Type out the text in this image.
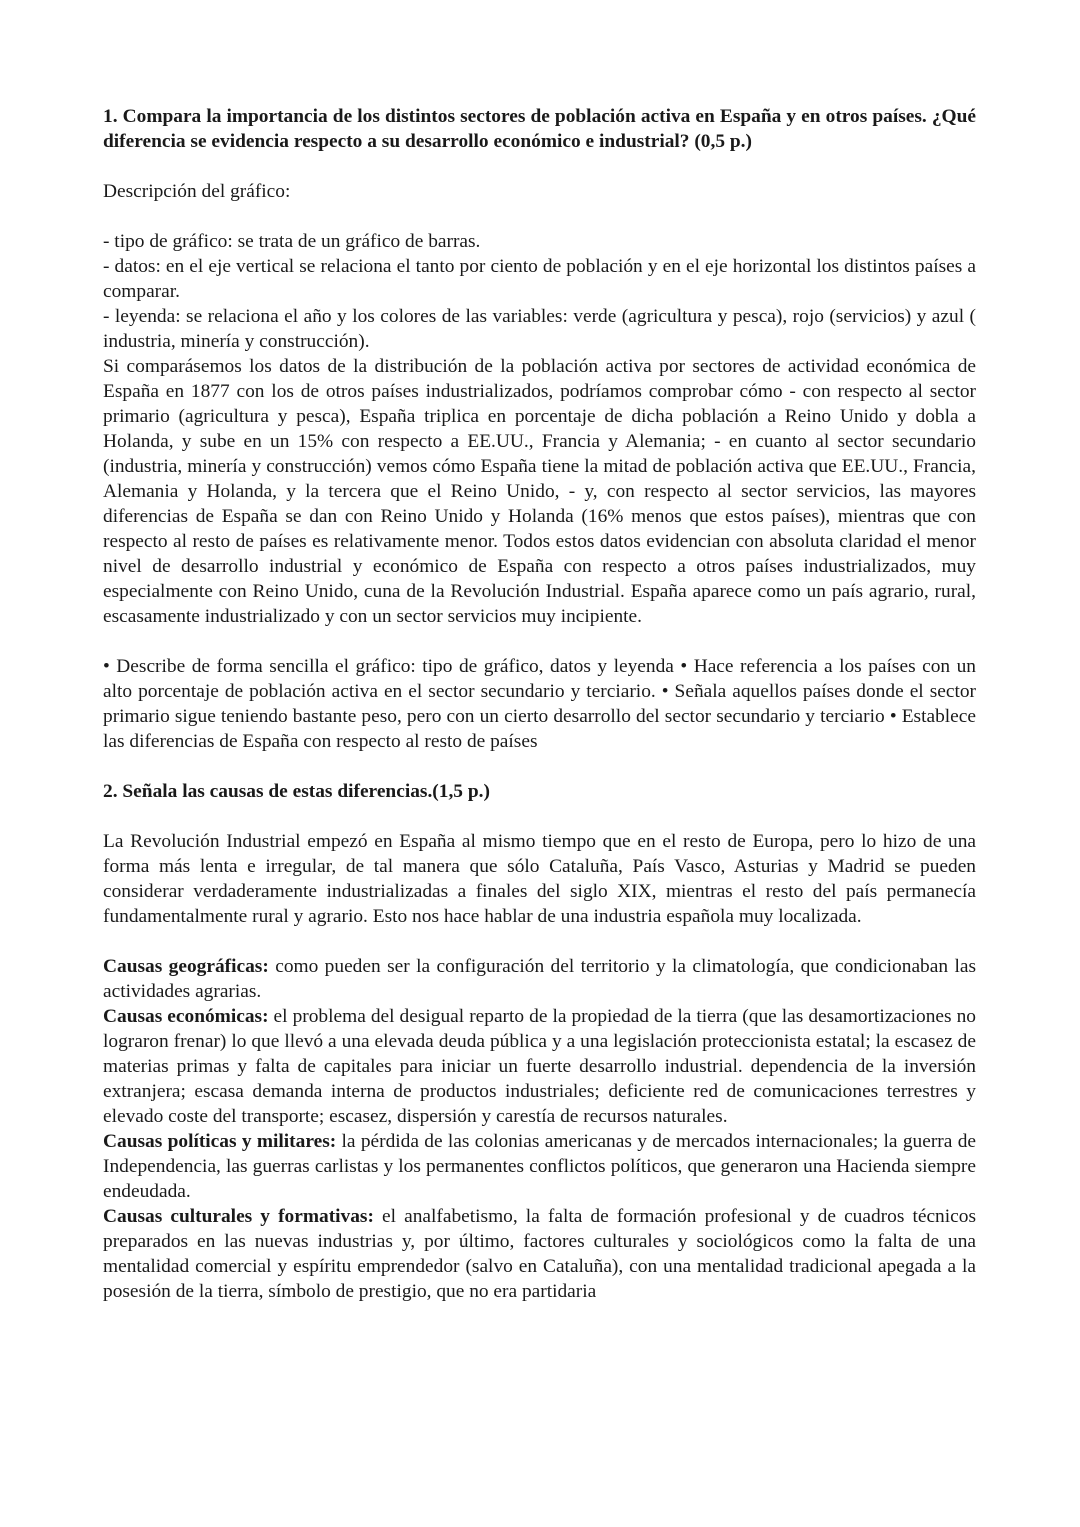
1. Compara la importancia de los distintos sectores de población activa en España y en otros países. ¿Qué diferencia se evidencia respecto a su desarrollo económico e industrial? (0,5 p.)

Descripción del gráfico:

- tipo de gráfico: se trata de un gráfico de barras.

- datos: en el eje vertical se relaciona el tanto por ciento de población y en el eje horizontal los distintos países a comparar.

- leyenda: se relaciona el año y los colores de las variables: verde (agricultura y pesca), rojo (servicios) y azul ( industria, minería y construcción).

Si comparásemos los datos de la distribución de la población activa por sectores de actividad económica de España en 1877 con los de otros países industrializados, podríamos comprobar cómo - con respecto al sector primario (agricultura y pesca), España triplica en porcentaje de dicha población a Reino Unido y dobla a Holanda, y sube en un 15% con respecto a EE.UU., Francia y Alemania; - en cuanto al sector secundario (industria, minería y construcción) vemos cómo España tiene la mitad de población activa que EE.UU., Francia, Alemania y Holanda, y la tercera que el Reino Unido, - y, con respecto al sector servicios, las mayores diferencias de España se dan con Reino Unido y Holanda (16% menos que estos países), mientras que con respecto al resto de países es relativamente menor. Todos estos datos evidencian con absoluta claridad el menor nivel de desarrollo industrial y económico de España con respecto a otros países industrializados, muy especialmente con Reino Unido, cuna de la Revolución Industrial. España aparece como un país agrario, rural, escasamente industrializado y con un sector servicios muy incipiente.

• Describe de forma sencilla el gráfico: tipo de gráfico, datos y leyenda • Hace referencia a los países con un alto porcentaje de población activa en el sector secundario y terciario. • Señala aquellos países donde el sector primario sigue teniendo bastante peso, pero con un cierto desarrollo del sector secundario y terciario • Establece las diferencias de España con respecto al resto de países

2. Señala las causas de estas diferencias.(1,5 p.)

La Revolución Industrial empezó en España al mismo tiempo que en el resto de Europa, pero lo hizo de una forma más lenta e irregular, de tal manera que sólo Cataluña, País Vasco, Asturias y Madrid se pueden considerar verdaderamente industrializadas a finales del siglo XIX, mientras el resto del país permanecía fundamentalmente rural y agrario. Esto nos hace hablar de una industria española muy localizada.

Causas geográficas: como pueden ser la configuración del territorio y la climatología, que condicionaban las actividades agrarias.

Causas económicas: el problema del desigual reparto de la propiedad de la tierra (que las desamortizaciones no lograron frenar) lo que llevó a una elevada deuda pública y a una legislación proteccionista estatal; la escasez de materias primas y falta de capitales para iniciar un fuerte desarrollo industrial. dependencia de la inversión extranjera; escasa demanda interna de productos industriales; deficiente red de comunicaciones terrestres y elevado coste del transporte; escasez, dispersión y carestía de recursos naturales.

Causas políticas y militares: la pérdida de las colonias americanas y de mercados internacionales; la guerra de Independencia, las guerras carlistas y los permanentes conflictos políticos, que generaron una Hacienda siempre endeudada.

Causas culturales y formativas: el analfabetismo, la falta de formación profesional y de cuadros técnicos preparados en las nuevas industrias y, por último, factores culturales y sociológicos como la falta de una mentalidad comercial y espíritu emprendedor (salvo en Cataluña), con una mentalidad tradicional apegada a la posesión de la tierra, símbolo de prestigio, que no era partidaria
